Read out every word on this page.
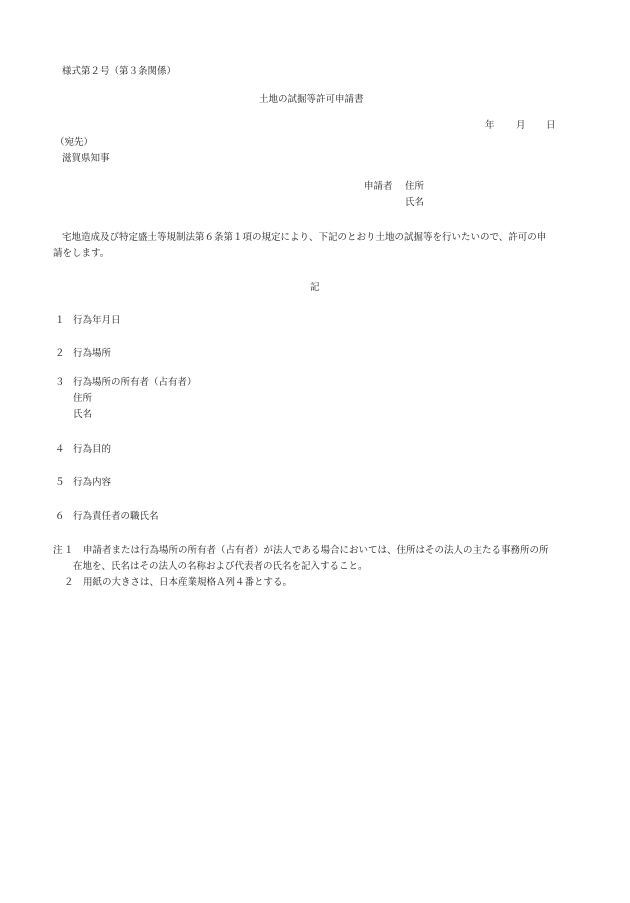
様式第２号（第３条関係）
土地の試掘等許可申請書
年 月 日
（宛先）
滋賀県知事
申請者 住所
氏名
宅地造成及び特定盛土等規制法第６条第１項の規定により、下記のとおり土地の試掘等を行いたいので、許可の申
請をします。
記
１ 行為年月日
２ 行為場所
３ 行為場所の所有者（占有者）
住所
氏名
４ 行為目的
５ 行為内容
６ 行為責任者の職氏名
注 １ 申請者または行為場所の所有者（占有者）が法人である場合においては、住所はその法人の主たる事務所の所
在地を、氏名はその法人の名称および代表者の氏名を記入すること。
２ 用紙の大きさは、日本産業規格Ａ列４番とする。
